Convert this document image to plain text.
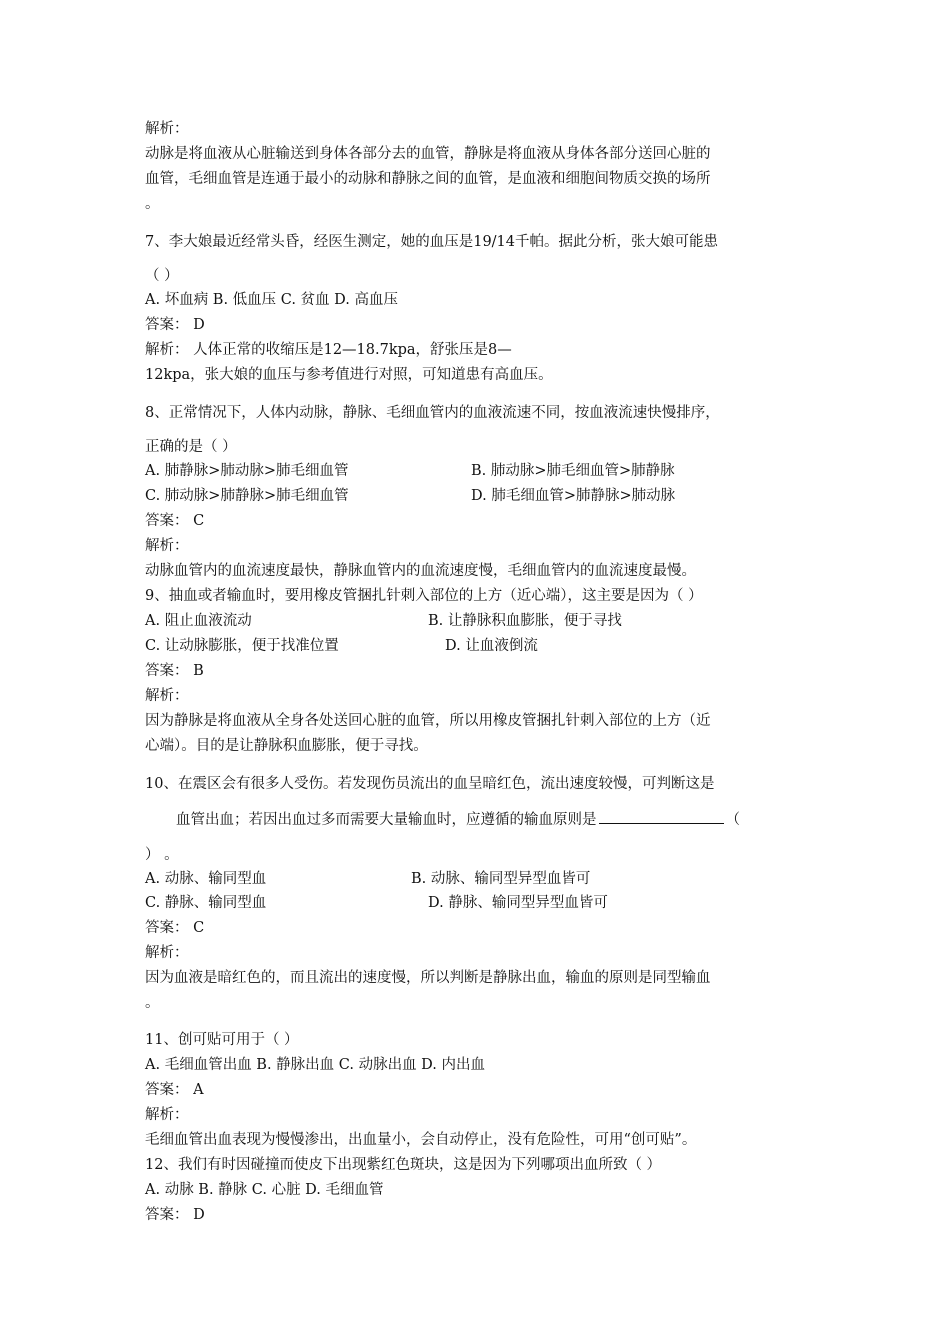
解析：
动脉是将血液从心脏输送到身体各部分去的血管，静脉是将血液从身体各部分送回心脏的
血管，毛细血管是连通于最小的动脉和静脉之间的血管，是血液和细胞间物质交换的场所
。
7、李大娘最近经常头昏，经医生测定，她的血压是19/14千帕。据此分析，张大娘可能患
（ ）
A. 坏血病 B. 低血压 C. 贫血 D. 高血压
答案： D
解析： 人体正常的收缩压是12—18.7kpa，舒张压是8—
12kpa，张大娘的血压与参考值进行对照，可知道患有高血压。
8、正常情况下，人体内动脉，静脉、毛细血管内的血液流速不同，按血液流速快慢排序，
正确的是（ ）
A. 肺静脉>肺动脉>肺毛细血管	B. 肺动脉>肺毛细血管>肺静脉
C. 肺动脉>肺静脉>肺毛细血管	D. 肺毛细血管>肺静脉>肺动脉
答案： C
解析：
动脉血管内的血流速度最快，静脉血管内的血流速度慢，毛细血管内的血流速度最慢。
9、抽血或者输血时，要用橡皮管捆扎针刺入部位的上方（近心端），这主要是因为（ ）
A. 阻止血液流动	B. 让静脉积血膨胀，便于寻找
C. 让动脉膨胀，便于找准位置	D. 让血液倒流
答案： B
解析：
因为静脉是将血液从全身各处送回心脏的血管，所以用橡皮管捆扎针刺入部位的上方（近
心端）。目的是让静脉积血膨胀，便于寻找。
10、在震区会有很多人受伤。若发现伤员流出的血呈暗红色，流出速度较慢，可判断这是
血管出血；若因出血过多而需要大量输血时，应遵循的输血原则是	（
） 。
A. 动脉、输同型血	B. 动脉、输同型异型血皆可
C. 静脉、输同型血	D. 静脉、输同型异型血皆可
答案： C
解析：
因为血液是暗红色的，而且流出的速度慢，所以判断是静脉出血，输血的原则是同型输血
。
11、创可贴可用于（ ）
A. 毛细血管出血 B. 静脉出血 C. 动脉出血 D. 内出血
答案： A
解析：
毛细血管出血表现为慢慢渗出，出血量小，会自动停止，没有危险性，可用“创可贴”。
12、我们有时因碰撞而使皮下出现紫红色斑块，这是因为下列哪项出血所致（ ）
A. 动脉 B. 静脉 C. 心脏 D. 毛细血管
答案： D
